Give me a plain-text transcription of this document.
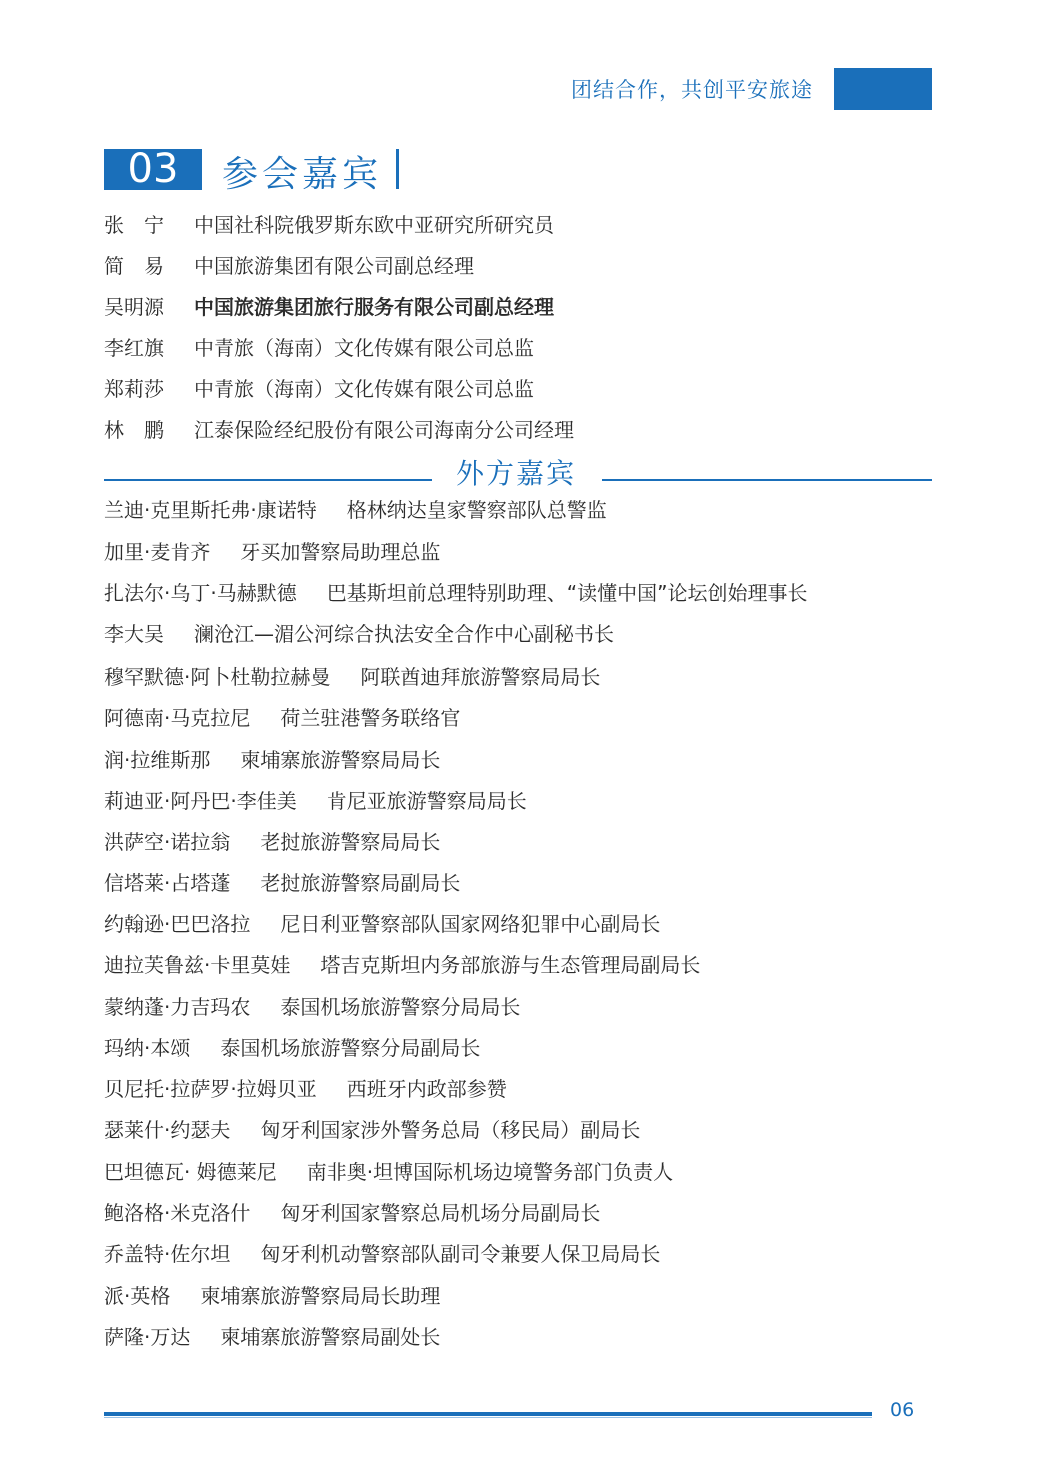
团结合作，共创平安旅途
03	参会嘉宾
张　宁 中国社科院俄罗斯东欧中亚研究所研究员
简　易 中国旅游集团有限公司副总经理
吴明源 中国旅游集团旅行服务有限公司副总经理
李红旗 中青旅（海南）文化传媒有限公司总监
郑莉莎 中青旅（海南）文化传媒有限公司总监
林　鹏 江泰保险经纪股份有限公司海南分公司经理
外方嘉宾
兰迪·克里斯托弗·康诺特 格林纳达皇家警察部队总警监
加里·麦肯齐 牙买加警察局助理总监
扎法尔·乌丁·马赫默德 巴基斯坦前总理特别助理、“读懂中国”论坛创始理事长
李大吴 澜沧江—湄公河综合执法安全合作中心副秘书长
穆罕默德·阿卜杜勒拉赫曼 阿联酋迪拜旅游警察局局长
阿德南·马克拉尼 荷兰驻港警务联络官
润·拉维斯那 柬埔寨旅游警察局局长
莉迪亚·阿丹巴·李佳美 肯尼亚旅游警察局局长
洪萨空·诺拉翁 老挝旅游警察局局长
信塔莱·占塔蓬 老挝旅游警察局副局长
约翰逊·巴巴洛拉 尼日利亚警察部队国家网络犯罪中心副局长
迪拉芙鲁兹·卡里莫娃 塔吉克斯坦内务部旅游与生态管理局副局长
蒙纳蓬·力吉玛农 泰国机场旅游警察分局局长
玛纳·本颂 泰国机场旅游警察分局副局长
贝尼托·拉萨罗·拉姆贝亚 西班牙内政部参赞
瑟莱什·约瑟夫 匈牙利国家涉外警务总局（移民局）副局长
巴坦德瓦· 姆德莱尼 南非奥·坦博国际机场边境警务部门负责人
鲍洛格·米克洛什 匈牙利国家警察总局机场分局副局长
乔盖特·佐尔坦 匈牙利机动警察部队副司令兼要人保卫局局长
派·英格 柬埔寨旅游警察局局长助理
萨隆·万达 柬埔寨旅游警察局副处长
06
